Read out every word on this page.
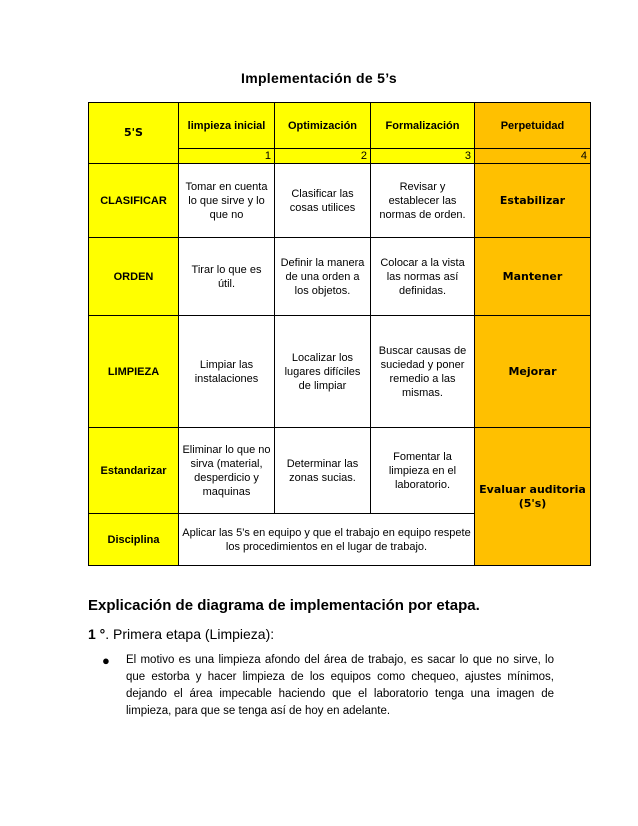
Implementación de 5’s
5'S	limpieza inicial	Optimización	Formalización	Perpetuidad
	1	2	3	4
CLASIFICAR	Tomar en cuenta lo que sirve y lo que no	Clasificar las cosas utilices	Revisar y establecer las normas de orden.	Estabilizar
ORDEN	Tirar lo que es útil.	Definir la manera de una orden a los objetos.	Colocar a la vista las normas así definidas.	Mantener
LIMPIEZA	Limpiar las instalaciones	Localizar los lugares difíciles de limpiar	Buscar causas de suciedad y poner remedio a las mismas.	Mejorar
Estandarizar	Eliminar lo que no sirva (material, desperdicio y maquinas	Determinar las zonas sucias.	Fomentar la limpieza en el laboratorio.	Evaluar auditoria (5's)
Disciplina	Aplicar las 5’s en equipo y que el trabajo en equipo respete los procedimientos en el lugar de trabajo.			
Explicación de diagrama de implementación por etapa.
1 °. Primera etapa (Limpieza):
● El motivo es una limpieza afondo del área de trabajo, es sacar lo que no sirve, lo que estorba y hacer limpieza de los equipos como chequeo, ajustes mínimos, dejando el área impecable haciendo que el laboratorio tenga una imagen de limpieza, para que se tenga así de hoy en adelante.
